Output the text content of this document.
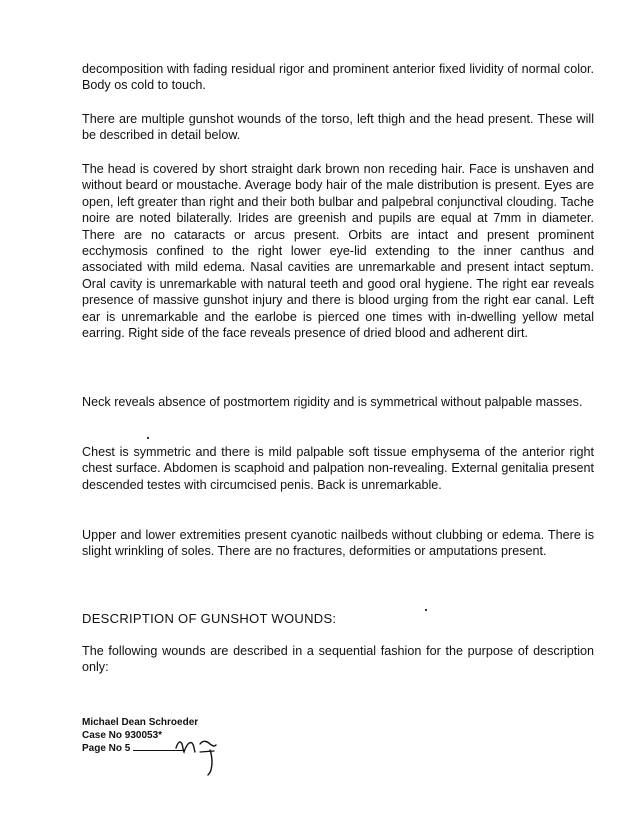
decomposition with fading residual rigor and prominent anterior fixed lividity of normal color. Body os cold to touch.

There are multiple gunshot wounds of the torso, left thigh and the head present. These will be described in detail below.

The head is covered by short straight dark brown non receding hair. Face is unshaven and without beard or moustache. Average body hair of the male distribution is present. Eyes are open, left greater than right and their both bulbar and palpebral conjunctival clouding. Tache noire are noted bilaterally. Irides are greenish and pupils are equal at 7mm in diameter. There are no cataracts or arcus present. Orbits are intact and present prominent ecchymosis confined to the right lower eye-lid extending to the inner canthus and associated with mild edema. Nasal cavities are unremarkable and present intact septum. Oral cavity is unremarkable with natural teeth and good oral hygiene. The right ear reveals presence of massive gunshot injury and there is blood urging from the right ear canal. Left ear is unremarkable and the earlobe is pierced one times with in-dwelling yellow metal earring. Right side of the face reveals presence of dried blood and adherent dirt.

Neck reveals absence of postmortem rigidity and is symmetrical without palpable masses.

Chest is symmetric and there is mild palpable soft tissue emphysema of the anterior right chest surface. Abdomen is scaphoid and palpation non-revealing. External genitalia present descended testes with circumcised penis. Back is unremarkable.

Upper and lower extremities present cyanotic nailbeds without clubbing or edema. There is slight wrinkling of soles. There are no fractures, deformities or amputations present.

DESCRIPTION OF GUNSHOT WOUNDS:

The following wounds are described in a sequential fashion for the purpose of description only:

Michael Dean Schroeder
Case No 930053*
Page No 5
